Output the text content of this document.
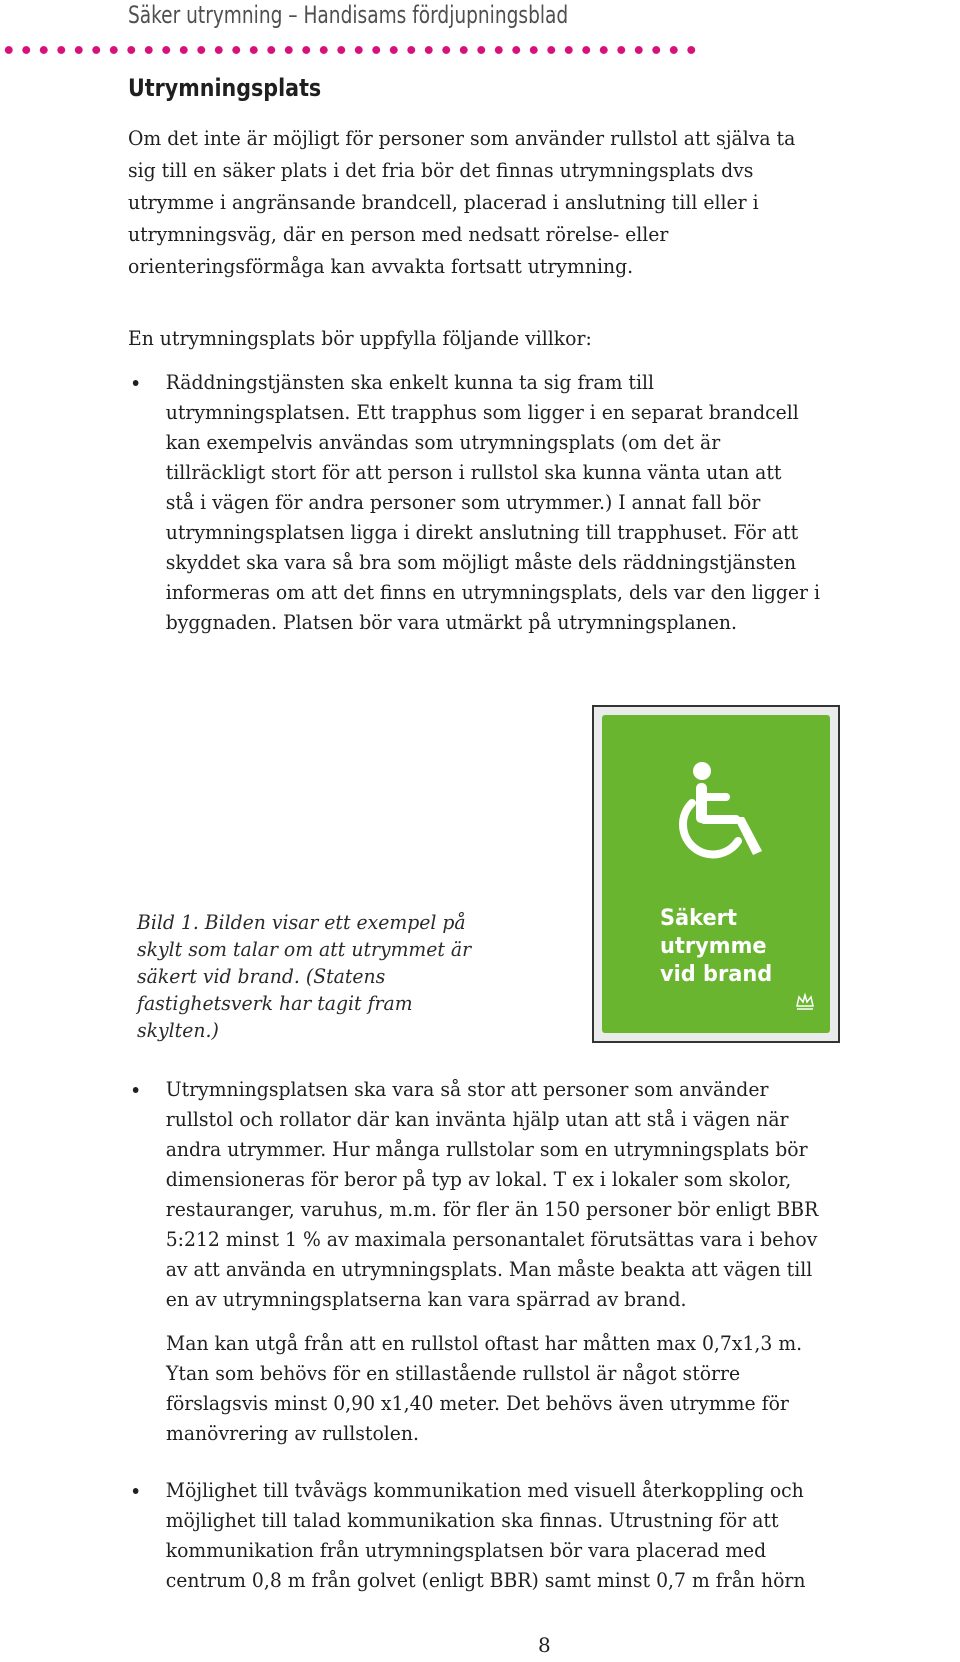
Säker utrymning – Handisams fördjupningsblad
Utrymningsplats
Om det inte är möjligt för personer som använder rullstol att själva ta
sig till en säker plats i det fria bör det finnas utrymningsplats dvs
utrymme i angränsande brandcell, placerad i anslutning till eller i
utrymningsväg, där en person med nedsatt rörelse- eller
orienteringsförmåga kan avvakta fortsatt utrymning.
En utrymningsplats bör uppfylla följande villkor:
Räddningstjänsten ska enkelt kunna ta sig fram till
utrymningsplatsen. Ett trapphus som ligger i en separat brandcell
kan exempelvis användas som utrymningsplats (om det är
tillräckligt stort för att person i rullstol ska kunna vänta utan att
stå i vägen för andra personer som utrymmer.) I annat fall bör
utrymningsplatsen ligga i direkt anslutning till trapphuset. För att
skyddet ska vara så bra som möjligt måste dels räddningstjänsten
informeras om att det finns en utrymningsplats, dels var den ligger i
byggnaden. Platsen bör vara utmärkt på utrymningsplanen.
Bild 1. Bilden visar ett exempel på
skylt som talar om att utrymmet är
säkert vid brand. (Statens
fastighetsverk har tagit fram
skylten.)
Säkert
utrymme
vid brand
Utrymningsplatsen ska vara så stor att personer som använder
rullstol och rollator där kan invänta hjälp utan att stå i vägen när
andra utrymmer. Hur många rullstolar som en utrymningsplats bör
dimensioneras för beror på typ av lokal. T ex i lokaler som skolor,
restauranger, varuhus, m.m. för fler än 150 personer bör enligt BBR
5:212 minst 1 % av maximala personantalet förutsättas vara i behov
av att använda en utrymningsplats. Man måste beakta att vägen till
en av utrymningsplatserna kan vara spärrad av brand.
Man kan utgå från att en rullstol oftast har måtten max 0,7x1,3 m.
Ytan som behövs för en stillastående rullstol är något större
förslagsvis minst 0,90 x1,40 meter. Det behövs även utrymme för
manövrering av rullstolen.
Möjlighet till tvåvägs kommunikation med visuell återkoppling och
möjlighet till talad kommunikation ska finnas. Utrustning för att
kommunikation från utrymningsplatsen bör vara placerad med
centrum 0,8 m från golvet (enligt BBR) samt minst 0,7 m från hörn
8
